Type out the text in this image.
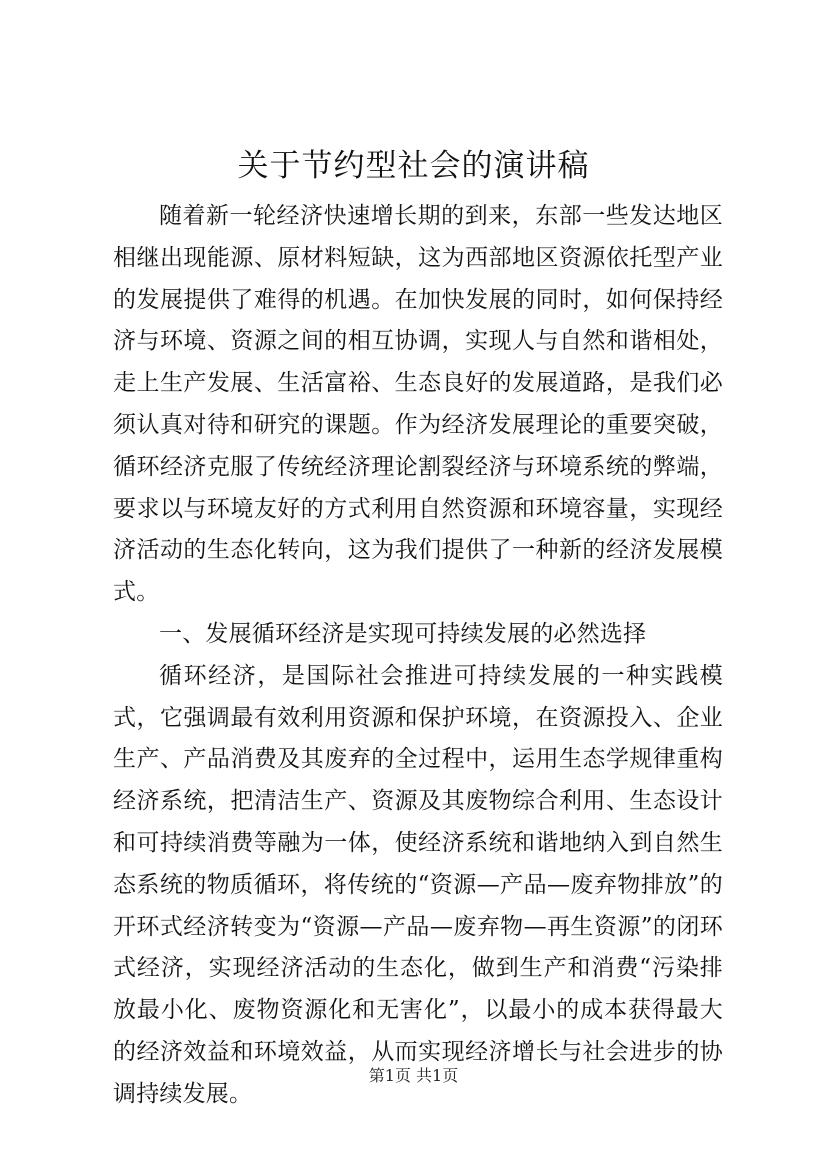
关于节约型社会的演讲稿

随着新一轮经济快速增长期的到来，东部一些发达地区相继出现能源、原材料短缺，这为西部地区资源依托型产业的发展提供了难得的机遇。在加快发展的同时，如何保持经济与环境、资源之间的相互协调，实现人与自然和谐相处，走上生产发展、生活富裕、生态良好的发展道路，是我们必须认真对待和研究的课题。作为经济发展理论的重要突破，循环经济克服了传统经济理论割裂经济与环境系统的弊端，要求以与环境友好的方式利用自然资源和环境容量，实现经济活动的生态化转向，这为我们提供了一种新的经济发展模式。

一、发展循环经济是实现可持续发展的必然选择

循环经济，是国际社会推进可持续发展的一种实践模式，它强调最有效利用资源和保护环境，在资源投入、企业生产、产品消费及其废弃的全过程中，运用生态学规律重构经济系统，把清洁生产、资源及其废物综合利用、生态设计和可持续消费等融为一体，使经济系统和谐地纳入到自然生态系统的物质循环，将传统的“资源—产品—废弃物排放”的开环式经济转变为“资源—产品—废弃物—再生资源”的闭环式经济，实现经济活动的生态化，做到生产和消费“污染排放最小化、废物资源化和无害化”，以最小的成本获得最大的经济效益和环境效益，从而实现经济增长与社会进步的协调持续发展。

第1页 共1页
